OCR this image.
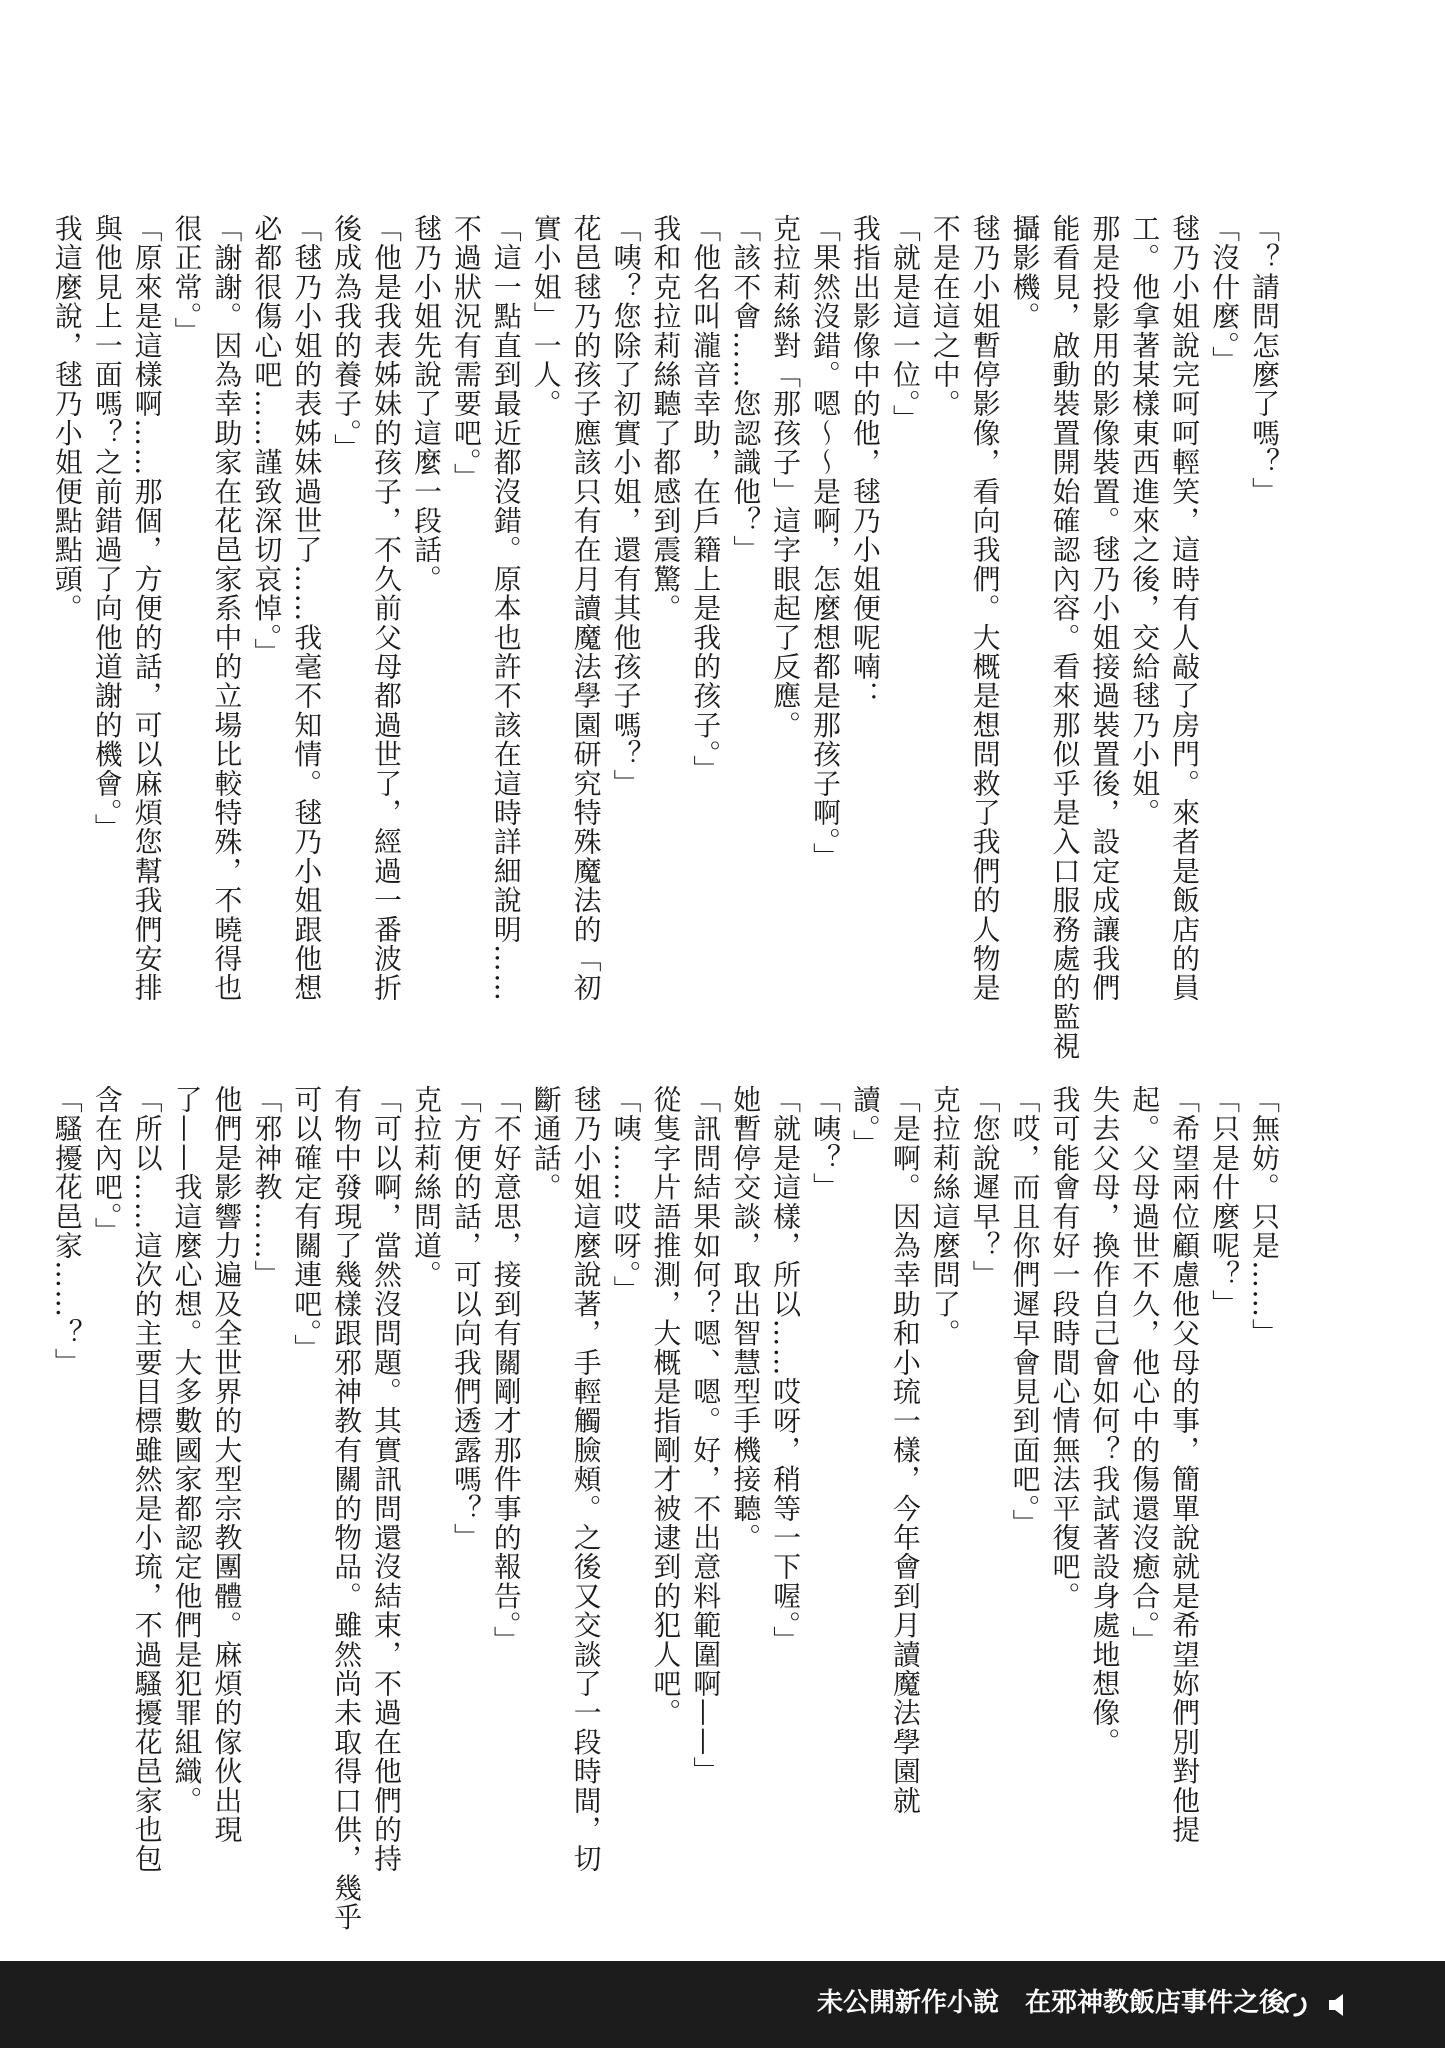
「？請問怎麼了嗎？」
「沒什麼。」
毬乃小姐說完呵呵輕笑，這時有人敲了房門。來者是飯店的員
工。他拿著某樣東西進來之後，交給毬乃小姐。
那是投影用的影像裝置。毬乃小姐接過裝置後，設定成讓我們
能看見，啟動裝置開始確認內容。看來那似乎是入口服務處的監視
攝影機。
毬乃小姐暫停影像，看向我們。大概是想問救了我們的人物是
不是在這之中。
「就是這一位。」
我指出影像中的他，毬乃小姐便呢喃：
「果然沒錯。嗯〜〜是啊，怎麼想都是那孩子啊。」
克拉莉絲對「那孩子」這字眼起了反應。
「該不會……您認識他？」
「他名叫瀧音幸助，在戶籍上是我的孩子。」
我和克拉莉絲聽了都感到震驚。
「咦？您除了初實小姐，還有其他孩子嗎？」
花邑毬乃的孩子應該只有在月讀魔法學園研究特殊魔法的「初
實小姐」一人。
「這一點直到最近都沒錯。原本也許不該在這時詳細說明……
不過狀況有需要吧。」
毬乃小姐先說了這麼一段話。
「他是我表姊妹的孩子，不久前父母都過世了，經過一番波折
後成為我的養子。」
「毬乃小姐的表姊妹過世了……我毫不知情。毬乃小姐跟他想
必都很傷心吧……謹致深切哀悼。」
「謝謝。因為幸助家在花邑家系中的立場比較特殊，不曉得也
很正常。」
「原來是這樣啊……那個，方便的話，可以麻煩您幫我們安排
與他見上一面嗎？之前錯過了向他道謝的機會。」
我這麼說，毬乃小姐便點點頭。
「無妨。只是……」
「只是什麼呢？」
「希望兩位顧慮他父母的事，簡單說就是希望妳們別對他提
起。父母過世不久，他心中的傷還沒癒合。」
失去父母，換作自己會如何？我試著設身處地想像。
我可能會有好一段時間心情無法平復吧。
「哎，而且你們遲早會見到面吧。」
「您說遲早？」
克拉莉絲這麼問了。
「是啊。因為幸助和小琉一樣，今年會到月讀魔法學園就
讀。」
「咦？」
「就是這樣，所以……哎呀，稍等一下喔。」
她暫停交談，取出智慧型手機接聽。
「訊問結果如何？嗯、嗯。好，不出意料範圍啊——」
從隻字片語推測，大概是指剛才被逮到的犯人吧。
「咦……哎呀。」
毬乃小姐這麼說著，手輕觸臉頰。之後又交談了一段時間，切
斷通話。
「不好意思，接到有關剛才那件事的報告。」
「方便的話，可以向我們透露嗎？」
克拉莉絲問道。
「可以啊，當然沒問題。其實訊問還沒結束，不過在他們的持
有物中發現了幾樣跟邪神教有關的物品。雖然尚未取得口供，幾乎
可以確定有關連吧。」
「邪神教……」
他們是影響力遍及全世界的大型宗教團體。麻煩的傢伙出現
了——我這麼心想。大多數國家都認定他們是犯罪組織。
「所以……這次的主要目標雖然是小琉，不過騷擾花邑家也包
含在內吧。」
「騷擾花邑家……？」
未公開新作小說　在邪神教飯店事件之後
